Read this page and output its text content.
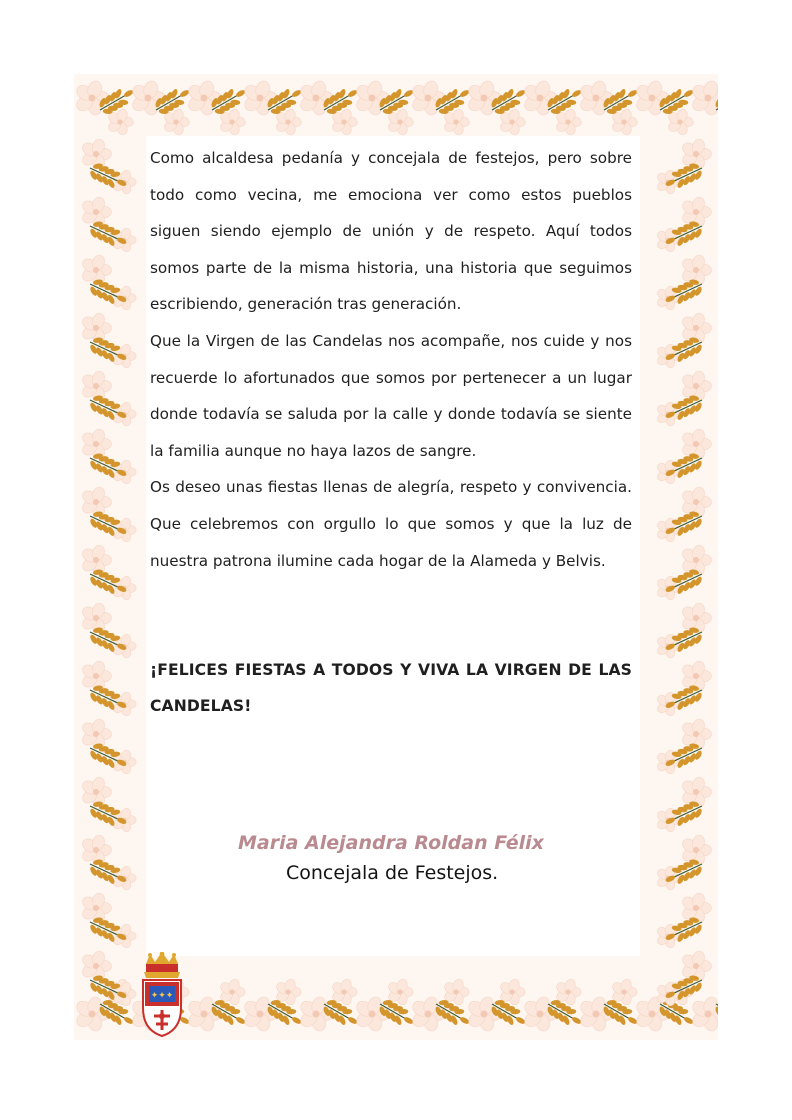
Como alcaldesa pedanía y concejala de festejos, pero sobre todo como vecina, me emociona ver como estos pueblos siguen siendo ejemplo de unión y de respeto. Aquí todos somos parte de la misma historia, una historia que seguimos escribiendo, generación tras generación.

Que la Virgen de las Candelas nos acompañe, nos cuide y nos recuerde lo afortunados que somos por pertenecer a un lugar donde todavía se saluda por la calle y donde todavía se siente la familia aunque no haya lazos de sangre.

Os deseo unas fiestas llenas de alegría, respeto y convivencia. Que celebremos con orgullo lo que somos y que la luz de nuestra patrona ilumine cada hogar de la Alameda y Belvis.

¡FELICES FIESTAS A TODOS Y VIVA LA VIRGEN DE LAS CANDELAS!

Maria Alejandra Roldan Félix

Concejala de Festejos.

✦✦✦
